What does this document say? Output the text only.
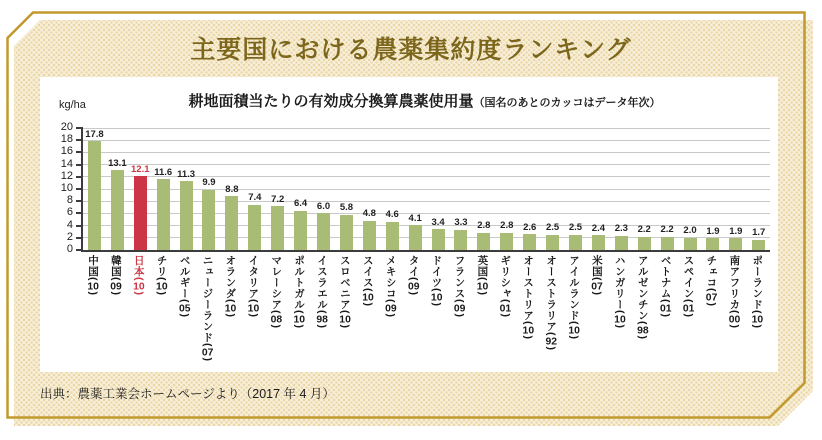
主要国における農薬集約度ランキング
耕地面積当たりの有効成分換算農薬使用量（国名のあとのカッコはデータ年次）
kg/ha
17.8
13.1
12.1 11.6 11.3
9.9
8.8
7.4 7.2 6.4 6.0 5.8
4.8 4.6 4.1 3.4 3.3 2.8 2.8 2.6 2.5 2.5 2.4 2.3 2.2 2.2 2.0 1.9 1.9 1.7
0
2
4
6
8
10
12
14
16
18
20
中国(10)
韓国(09)
日本(10)
チリ(10) ベルギー(05) ニュージーランド(07)
オランダ(10)
イタリア(10)
マレーシア(08)
ポルトガル(10)
イスラエル(98)
スロベニア(10)
スイス(10)
メキシコ(09)
タイ(09)
ドイツ(10)
フランス(09)
英国(10) ギリシャ(01) オーストリア(10)
オーストラリア(92)
アイルランド(10)
米国(07) ハンガリー(10)
アルゼンチン(98)
ベトナム(01)
スペイン(01)
チェコ(07) 南アフリカ(00)
ポーランド(10)
出典：農薬工業会ホームページより（2017 年 4 月）
